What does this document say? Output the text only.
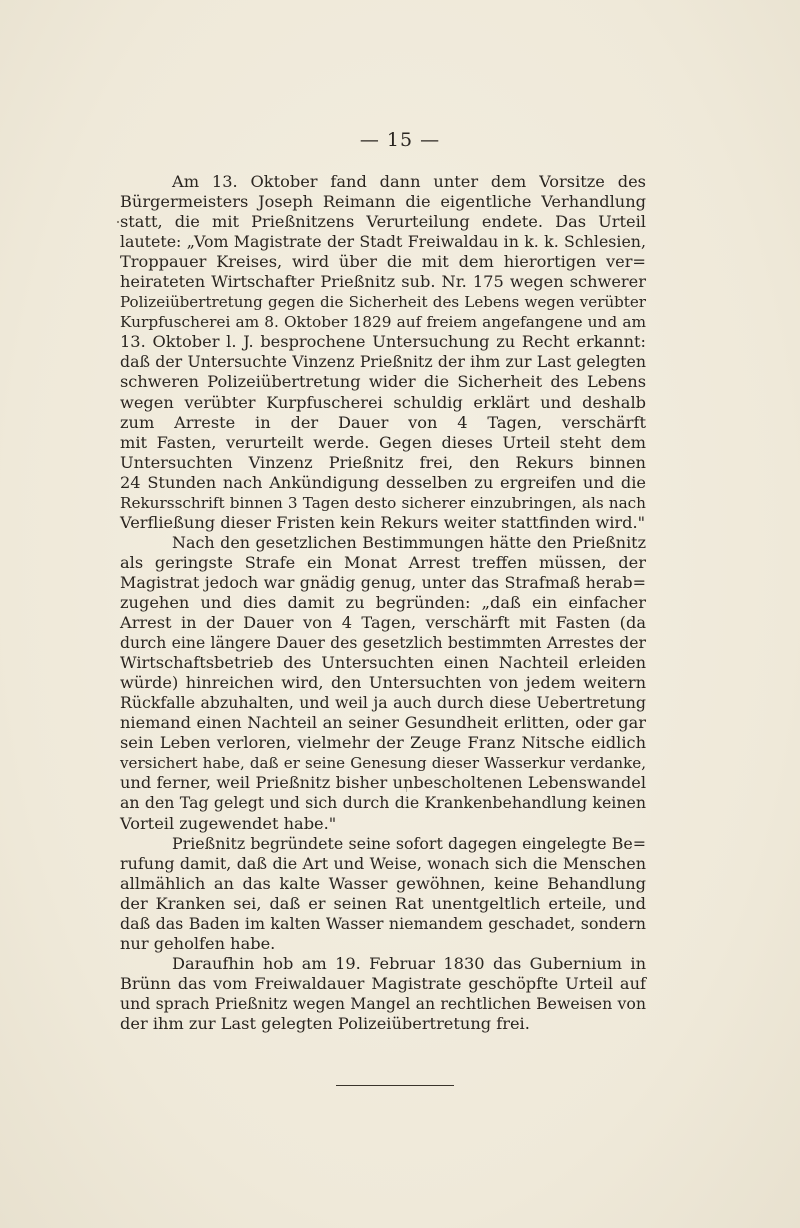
— 15 —
Am 13. Oktober fand dann unter dem Vorsitze des
Bürgermeisters Joseph Reimann die eigentliche Verhandlung
statt, die mit Prießnitzens Verurteilung endete. Das Urteil
lautete: „Vom Magistrate der Stadt Freiwaldau in k. k. Schlesien,
Troppauer Kreises, wird über die mit dem hierortigen ver=
heirateten Wirtschafter Prießnitz sub. Nr. 175 wegen schwerer
Polizeiübertretung gegen die Sicherheit des Lebens wegen verübter
Kurpfuscherei am 8. Oktober 1829 auf freiem angefangene und am
13. Oktober l. J. besprochene Untersuchung zu Recht erkannt:
daß der Untersuchte Vinzenz Prießnitz der ihm zur Last gelegten
schweren Polizeiübertretung wider die Sicherheit des Lebens
wegen verübter Kurpfuscherei schuldig erklärt und deshalb
zum Arreste in der Dauer von 4 Tagen, verschärft
mit Fasten, verurteilt werde. Gegen dieses Urteil steht dem
Untersuchten Vinzenz Prießnitz frei, den Rekurs binnen
24 Stunden nach Ankündigung desselben zu ergreifen und die
Rekursschrift binnen 3 Tagen desto sicherer einzubringen, als nach
Verfließung dieser Fristen kein Rekurs weiter stattfinden wird."
Nach den gesetzlichen Bestimmungen hätte den Prießnitz
als geringste Strafe ein Monat Arrest treffen müssen, der
Magistrat jedoch war gnädig genug, unter das Strafmaß herab=
zugehen und dies damit zu begründen: „daß ein einfacher
Arrest in der Dauer von 4 Tagen, verschärft mit Fasten (da
durch eine längere Dauer des gesetzlich bestimmten Arrestes der
Wirtschaftsbetrieb des Untersuchten einen Nachteil erleiden
würde) hinreichen wird, den Untersuchten von jedem weitern
Rückfalle abzuhalten, und weil ja auch durch diese Uebertretung
niemand einen Nachteil an seiner Gesundheit erlitten, oder gar
sein Leben verloren, vielmehr der Zeuge Franz Nitsche eidlich
versichert habe, daß er seine Genesung dieser Wasserkur verdanke,
und ferner, weil Prießnitz bisher unbescholtenen Lebenswandel
an den Tag gelegt und sich durch die Krankenbehandlung keinen
Vorteil zugewendet habe."
Prießnitz begründete seine sofort dagegen eingelegte Be=
rufung damit, daß die Art und Weise, wonach sich die Menschen
allmählich an das kalte Wasser gewöhnen, keine Behandlung
der Kranken sei, daß er seinen Rat unentgeltlich erteile, und
daß das Baden im kalten Wasser niemandem geschadet, sondern
nur geholfen habe.
Daraufhin hob am 19. Februar 1830 das Gubernium in
Brünn das vom Freiwaldauer Magistrate geschöpfte Urteil auf
und sprach Prießnitz wegen Mangel an rechtlichen Beweisen von
der ihm zur Last gelegten Polizeiübertretung frei.
